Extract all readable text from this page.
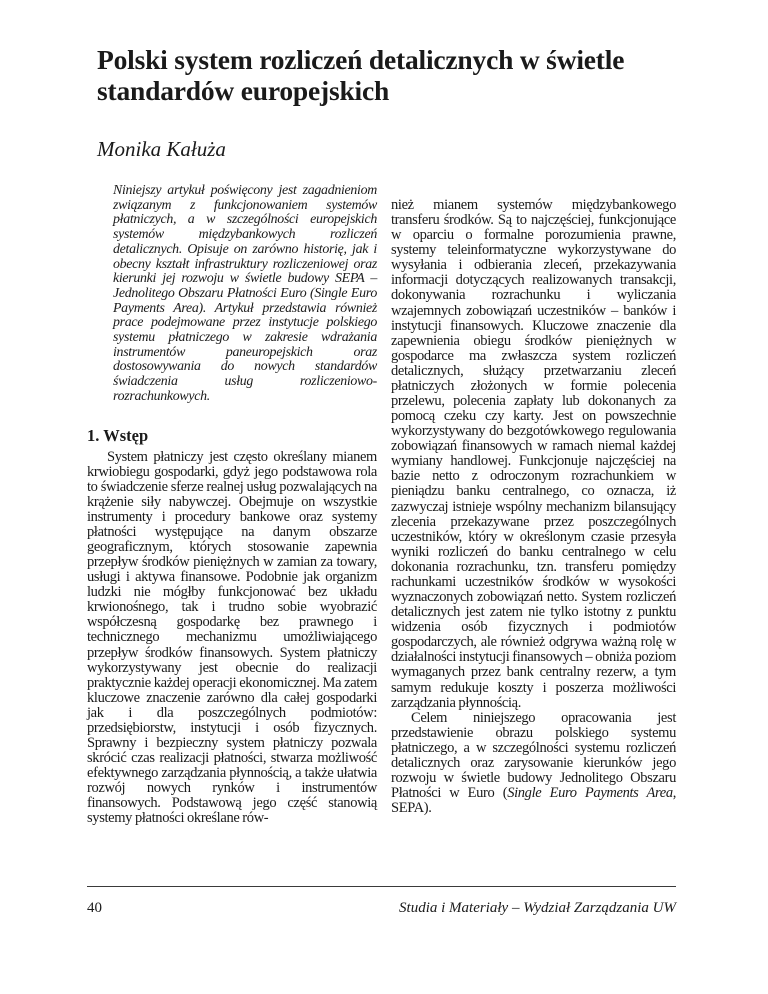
Polski system rozliczeń detalicznych w świetle standardów europejskich

Monika Kałuża

Niniejszy artykuł poświęcony jest zagadnieniom związanym z funkcjonowaniem systemów płatniczych, a w szczególności europejskich systemów międzybankowych rozliczeń detalicznych. Opisuje on zarówno historię, jak i obecny kształt infrastruktury rozliczeniowej oraz kierunki jej rozwoju w świetle budowy SEPA – Jednolitego Obszaru Płatności Euro (Single Euro Payments Area). Artykuł przedstawia również prace podejmowane przez instytucje polskiego systemu płatniczego w zakresie wdrażania instrumentów paneuropejskich oraz dostosowywania do nowych standardów świadczenia usług rozliczeniowo-rozrachunkowych.

1. Wstęp

System płatniczy jest często określany mianem krwiobiegu gospodarki, gdyż jego podstawowa rola to świadczenie sferze realnej usług pozwalających na krążenie siły nabywczej. Obejmuje on wszystkie instrumenty i procedury bankowe oraz systemy płatności występujące na danym obszarze geograficznym, których stosowanie zapewnia przepływ środków pieniężnych w zamian za towary, usługi i aktywa finansowe. Podobnie jak organizm ludzki nie mógłby funkcjonować bez układu krwionośnego, tak i trudno sobie wyobrazić współczesną gospodarkę bez prawnego i technicznego mechanizmu umożliwiającego przepływ środków finansowych. System płatniczy wykorzystywany jest obecnie do realizacji praktycznie każdej operacji ekonomicznej. Ma zatem kluczowe znaczenie zarówno dla całej gospodarki jak i dla poszczególnych podmiotów: przedsiębiorstw, instytucji i osób fizycznych. Sprawny i bezpieczny system płatniczy pozwala skrócić czas realizacji płatności, stwarza możliwość efektywnego zarządzania płynnością, a także ułatwia rozwój nowych rynków i instrumentów finansowych. Podstawową jego część stanowią systemy płatności określane rów-

nież mianem systemów międzybankowego transferu środków. Są to najczęściej, funkcjonujące w oparciu o formalne porozumienia prawne, systemy teleinformatyczne wykorzystywane do wysyłania i odbierania zleceń, przekazywania informacji dotyczących realizowanych transakcji, dokonywania rozrachunku i wyliczania wzajemnych zobowiązań uczestników – banków i instytucji finansowych. Kluczowe znaczenie dla zapewnienia obiegu środków pieniężnych w gospodarce ma zwłaszcza system rozliczeń detalicznych, służący przetwarzaniu zleceń płatniczych złożonych w formie polecenia przelewu, polecenia zapłaty lub dokonanych za pomocą czeku czy karty. Jest on powszechnie wykorzystywany do bezgotówkowego regulowania zobowiązań finansowych w ramach niemal każdej wymiany handlowej. Funkcjonuje najczęściej na bazie netto z odroczonym rozrachunkiem w pieniądzu banku centralnego, co oznacza, iż zazwyczaj istnieje wspólny mechanizm bilansujący zlecenia przekazywane przez poszczególnych uczestników, który w określonym czasie przesyła wyniki rozliczeń do banku centralnego w celu dokonania rozrachunku, tzn. transferu pomiędzy rachunkami uczestników środków w wysokości wyznaczonych zobowiązań netto. System rozliczeń detalicznych jest zatem nie tylko istotny z punktu widzenia osób fizycznych i podmiotów gospodarczych, ale również odgrywa ważną rolę w działalności instytucji finansowych – obniża poziom wymaganych przez bank centralny rezerw, a tym samym redukuje koszty i poszerza możliwości zarządzania płynnością.

Celem niniejszego opracowania jest przedstawienie obrazu polskiego systemu płatniczego, a w szczególności systemu rozliczeń detalicznych oraz zarysowanie kierunków jego rozwoju w świetle budowy Jednolitego Obszaru Płatności w Euro (Single Euro Payments Area, SEPA).

40	Studia i Materiały – Wydział Zarządzania UW
